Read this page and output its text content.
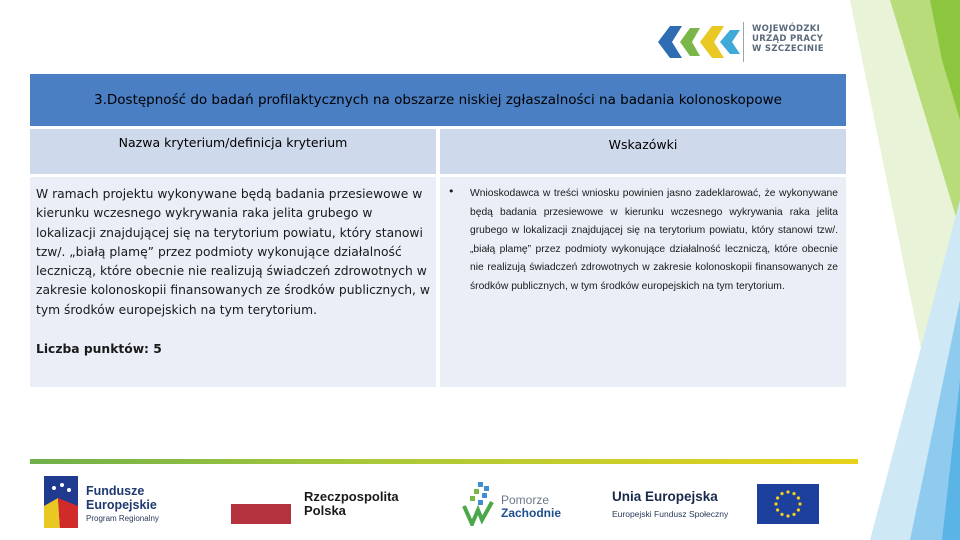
WOJEWÓDZKI
URZĄD PRACY
W SZCZECINIE
3.Dostępność do badań profilaktycznych na obszarze niskiej zgłaszalności na badania kolonoskopowe
Nazwa kryterium/definicja kryterium	Wskazówki

W ramach projektu wykonywane będą badania przesiewowe w kierunku wczesnego wykrywania raka jelita grubego w lokalizacji znajdującej się na terytorium powiatu, który stanowi tzw/. „białą plamę” przez podmioty wykonujące działalność leczniczą, które obecnie nie realizują świadczeń zdrowotnych w zakresie kolonoskopii finansowanych ze środków publicznych, w tym środków europejskich na tym terytorium.

Liczba punktów: 5
• Wnioskodawca w treści wniosku powinien jasno zadeklarować, że wykonywane będą badania przesiewowe w kierunku wczesnego wykrywania raka jelita grubego w lokalizacji znajdującej się na terytorium powiatu, który stanowi tzw/. „białą plamę” przez podmioty wykonujące działalność leczniczą, które obecnie nie realizują świadczeń zdrowotnych w zakresie kolonoskopii finansowanych ze środków publicznych, w tym środków europejskich na tym terytorium.

Fundusze
Europejskie
Program Regionalny
Rzeczpospolita
Polska
Pomorze
Zachodnie
Unia Europejska
Europejski Fundusz Społeczny
